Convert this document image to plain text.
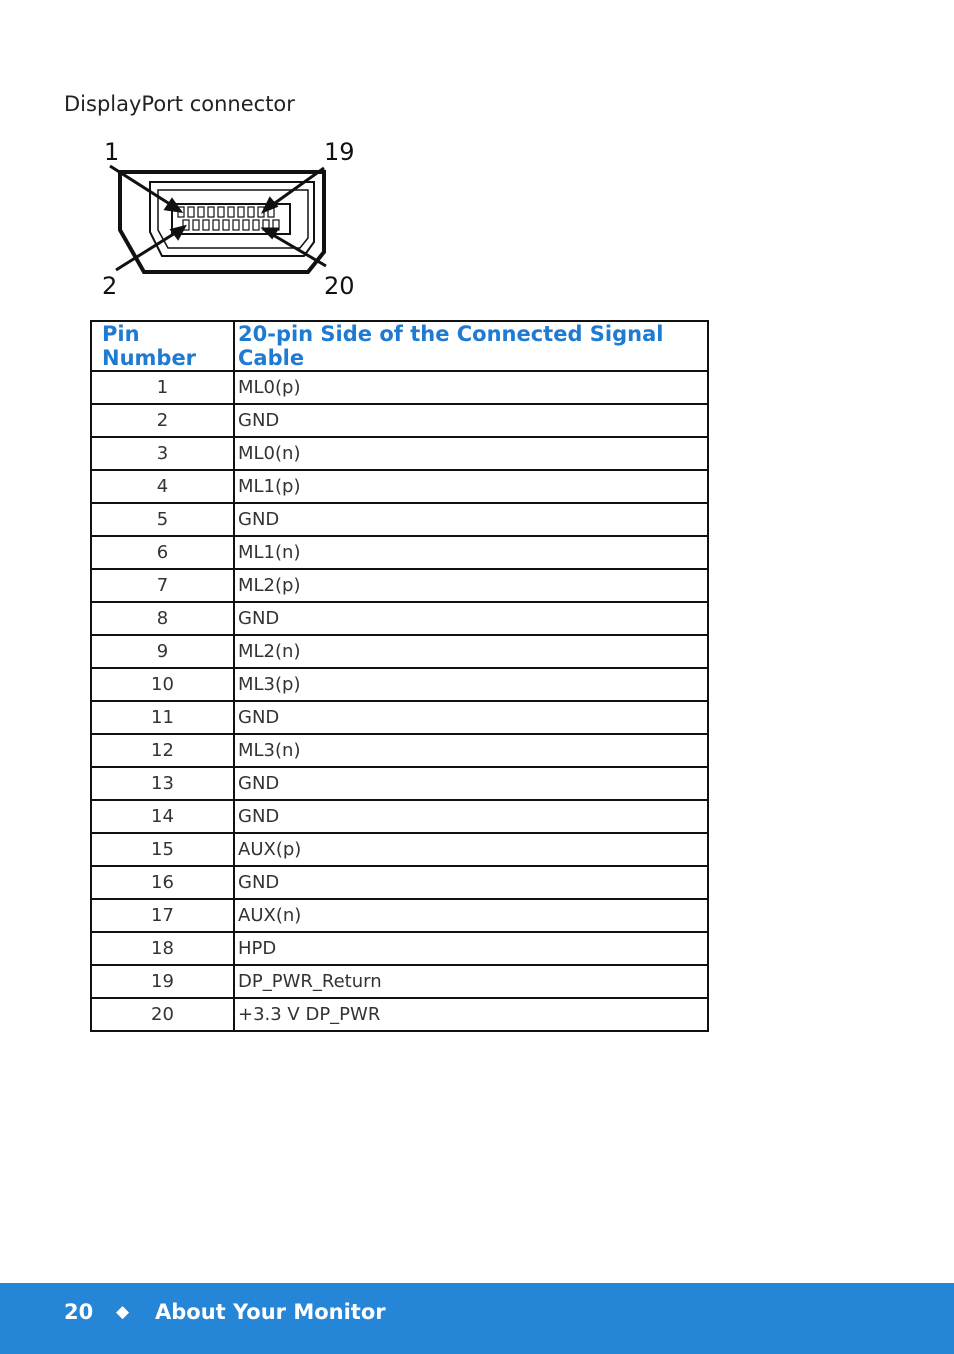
DisplayPort connector
1	19
2	20
Pin Number	20-pin Side of the Connected Signal Cable
1	ML0(p)
2	GND
3	ML0(n)
4	ML1(p)
5	GND
6	ML1(n)
7	ML2(p)
8	GND
9	ML2(n)
10	ML3(p)
11	GND
12	ML3(n)
13	GND
14	GND
15	AUX(p)
16	GND
17	AUX(n)
18	HPD
19	DP_PWR_Return
20	+3.3 V DP_PWR
20 ◆ About Your Monitor
